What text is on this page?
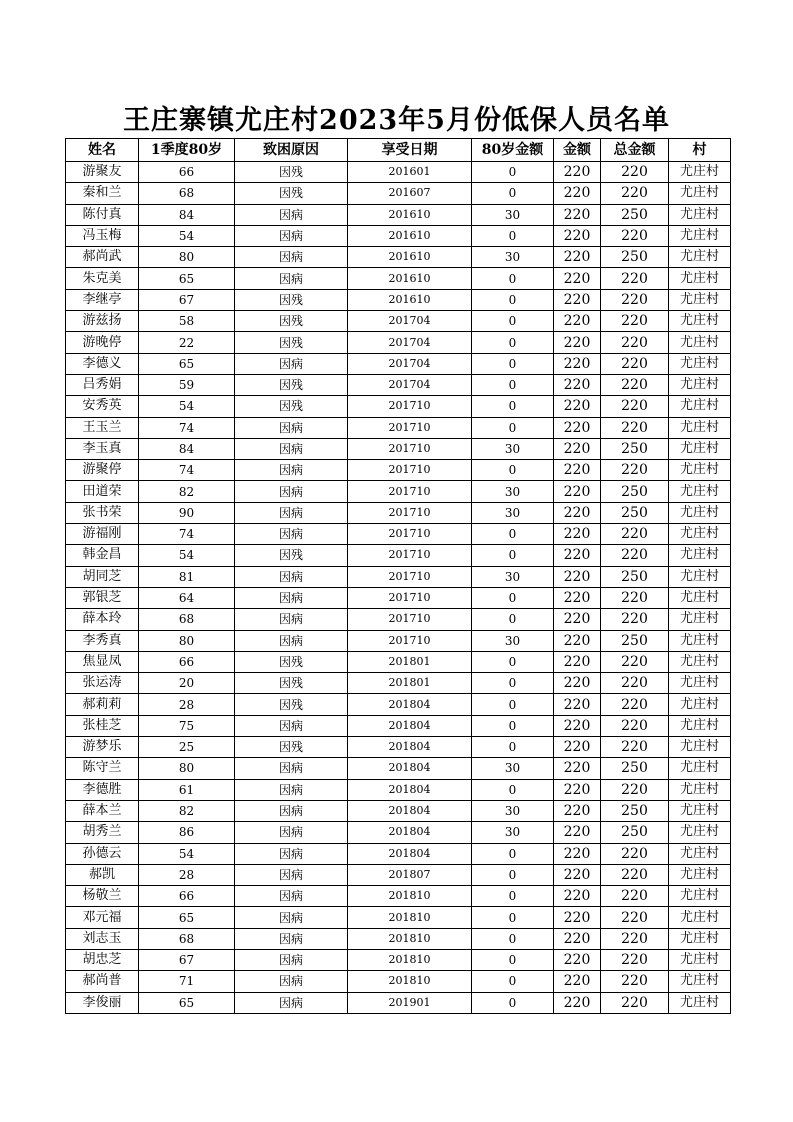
王庄寨镇尤庄村2023年5月份低保人员名单
姓名	1季度80岁	致困原因	享受日期	80岁金额	金额	总金额	村
游聚友	66	因残	201601	0	220	220	尤庄村
秦和兰	68	因残	201607	0	220	220	尤庄村
陈付真	84	因病	201610	30	220	250	尤庄村
冯玉梅	54	因病	201610	0	220	220	尤庄村
郝尚武	80	因病	201610	30	220	250	尤庄村
朱克美	65	因病	201610	0	220	220	尤庄村
李继亭	67	因残	201610	0	220	220	尤庄村
游兹扬	58	因残	201704	0	220	220	尤庄村
游晚停	22	因残	201704	0	220	220	尤庄村
李德义	65	因病	201704	0	220	220	尤庄村
吕秀娟	59	因残	201704	0	220	220	尤庄村
安秀英	54	因残	201710	0	220	220	尤庄村
王玉兰	74	因病	201710	0	220	220	尤庄村
李玉真	84	因病	201710	30	220	250	尤庄村
游聚停	74	因病	201710	0	220	220	尤庄村
田道荣	82	因病	201710	30	220	250	尤庄村
张书荣	90	因病	201710	30	220	250	尤庄村
游福刚	74	因病	201710	0	220	220	尤庄村
韩金昌	54	因残	201710	0	220	220	尤庄村
胡同芝	81	因病	201710	30	220	250	尤庄村
郭银芝	64	因病	201710	0	220	220	尤庄村
薛本玲	68	因病	201710	0	220	220	尤庄村
李秀真	80	因病	201710	30	220	250	尤庄村
焦显凤	66	因残	201801	0	220	220	尤庄村
张运涛	20	因残	201801	0	220	220	尤庄村
郝莉莉	28	因残	201804	0	220	220	尤庄村
张桂芝	75	因病	201804	0	220	220	尤庄村
游梦乐	25	因残	201804	0	220	220	尤庄村
陈守兰	80	因病	201804	30	220	250	尤庄村
李德胜	61	因病	201804	0	220	220	尤庄村
薛本兰	82	因病	201804	30	220	250	尤庄村
胡秀兰	86	因病	201804	30	220	250	尤庄村
孙德云	54	因病	201804	0	220	220	尤庄村
郝凯	28	因病	201807	0	220	220	尤庄村
杨敬兰	66	因病	201810	0	220	220	尤庄村
邓元福	65	因病	201810	0	220	220	尤庄村
刘志玉	68	因病	201810	0	220	220	尤庄村
胡忠芝	67	因病	201810	0	220	220	尤庄村
郝尚普	71	因病	201810	0	220	220	尤庄村
李俊丽	65	因病	201901	0	220	220	尤庄村
